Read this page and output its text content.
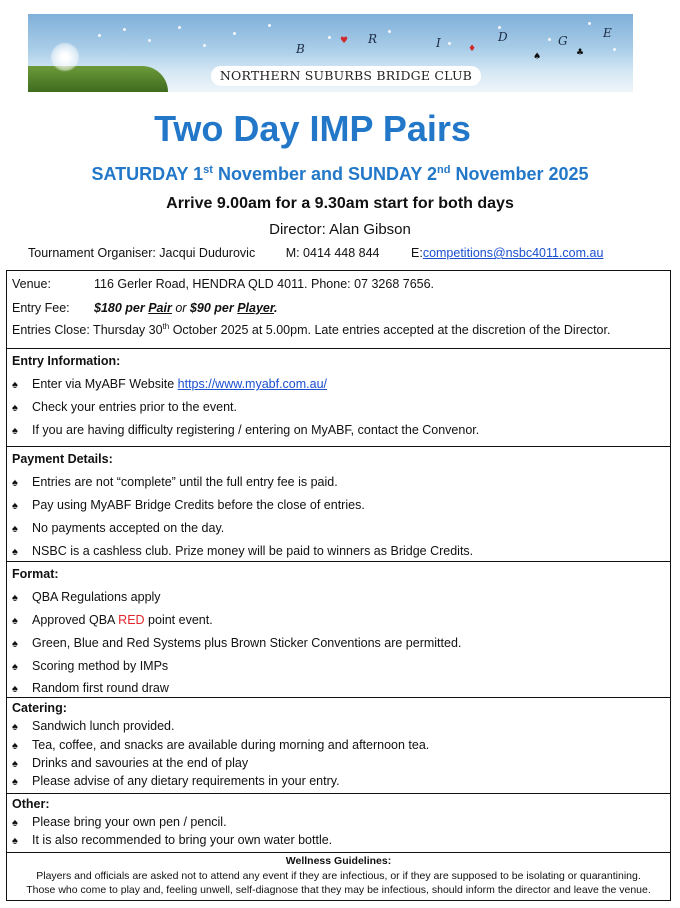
B
R	I	D	G
E
♥
♦
♠	♣
NORTHERN SUBURBS BRIDGE CLUB
Two Day IMP Pairs
SATURDAY 1st November and SUNDAY 2nd November 2025
Arrive 9.00am for a 9.30am start for both days
Director: Alan Gibson
Tournament Organiser: Jacqui Dudurovic M: 0414 448 844	E:competitions@nsbc4011.com.au
Venue:	116 Gerler Road, HENDRA QLD 4011. Phone: 07 3268 7656.
Entry Fee: $180 per Pair or $90 per Player.
Entries Close: Thursday 30th October 2025 at 5.00pm. Late entries accepted at the discretion of the Director.
Entry Information:
♠ Enter via MyABF Website https://www.myabf.com.au/
♠ Check your entries prior to the event.
♠ If you are having difficulty registering / entering on MyABF, contact the Convenor.
Payment Details:
♠ Entries are not “complete” until the full entry fee is paid.
♠ Pay using MyABF Bridge Credits before the close of entries.
♠ No payments accepted on the day.
♠ NSBC is a cashless club. Prize money will be paid to winners as Bridge Credits.
Format:
♠ QBA Regulations apply
♠ Approved QBA RED point event.
♠ Green, Blue and Red Systems plus Brown Sticker Conventions are permitted.
♠ Scoring method by IMPs
♠ Random first round draw
Catering:
♠ Sandwich lunch provided.
♠ Tea, coffee, and snacks are available during morning and afternoon tea.
♠ Drinks and savouries at the end of play
♠ Please advise of any dietary requirements in your entry.
Other:
♠ Please bring your own pen / pencil.
♠ It is also recommended to bring your own water bottle.
Wellness Guidelines:
Players and officials are asked not to attend any event if they are infectious, or if they are supposed to be isolating or quarantining.
Those who come to play and, feeling unwell, self-diagnose that they may be infectious, should inform the director and leave the venue.
